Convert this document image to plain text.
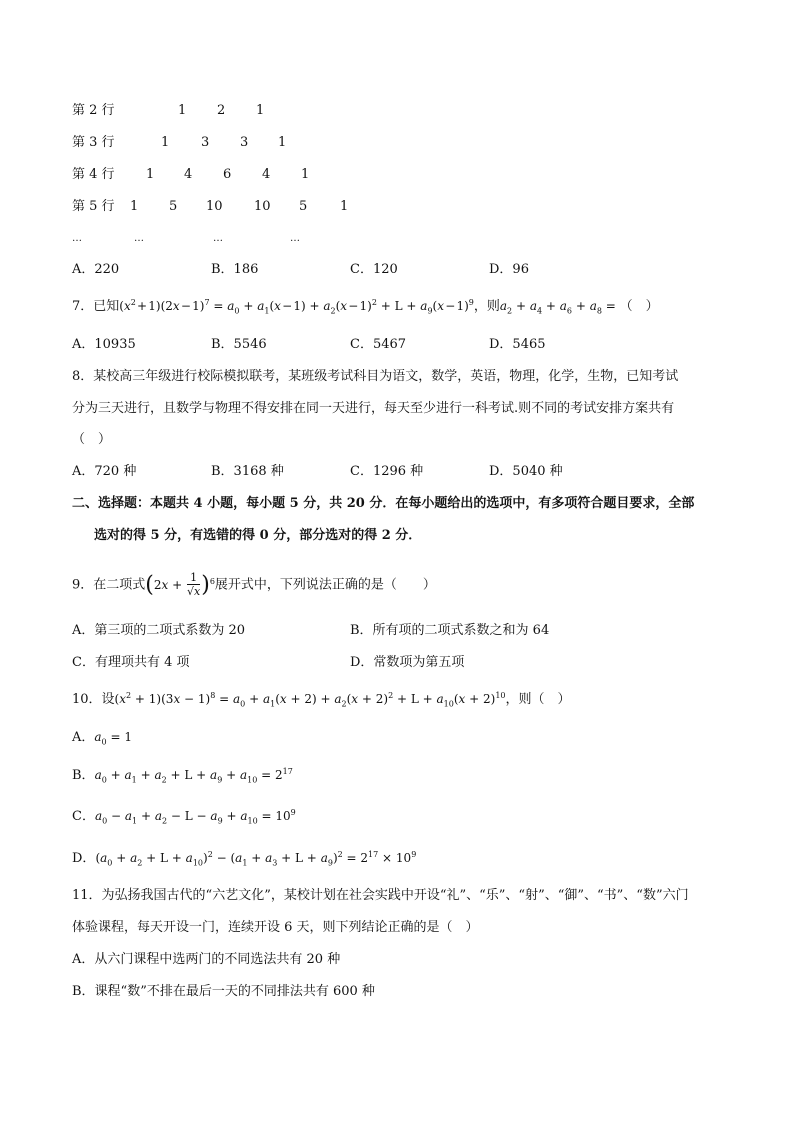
第 2 行	1 2 1
第 3 行	1 3 3 1
第 4 行	1 4 6 4 1
第 5 行	1 5 10 10 5	1
…	…	…	…
A．220	B．186	C．120	D．96
7．已知($x^2$ + 1)(2x − $1)^7 = a_0 + a_1(x$ − $1) + a_2(x$ − $1)^2 + L + a_9(x$ − 1)$^9$，则$a_2 + a_4 + a_6 + a_8$ = （　）
A．10935	B．5546	C．5467	D．5465
8．某校高三年级进行校际模拟联考，某班级考试科目为语文，数学，英语，物理，化学，生物，已知考试
分为三天进行，且数学与物理不得安排在同一天进行，每天至少进行一科考试.则不同的考试安排方案共有
（　）
A．720 种	B．3168 种	C．1296 种	D．5040 种
二、选择题：本题共 4 小题，每小题 5 分，共 20 分．在每小题给出的选项中，有多项符合题目要求，全部
选对的得 5 分，有选错的得 0 分，部分选对的得 2 分．
9．在二项式$(2x + \frac{1}{√x} )^6$展开式中，下列说法正确的是（　　）
A．第三项的二项式系数为 20	B．所有项的二项式系数之和为 64
C．有理项共有 4 项	D．常数项为第五项
10．设$(x^2 + 1)(3x - 1)^8 = a_0 + a_1(x + 2) + a_2(x + 2)^2 + L + a_{10}(x + 2)^{10}$，则（　）
A．$a_0 = 1$
B．$a_0 + a_1 + a_2 + L + a_9 + a_{10} = 2^{17}$
C．$a_0 - a_1 + a_2 - L - a_9 + a_{10} = 10^9$
D．$(a_0 + a_2 + L + a_{10})^2 - (a_1 + a_3 + L + a_9)^2 = 2^{17} \times 10^9$
11．为弘扬我国古代的“六艺文化”，某校计划在社会实践中开设“礼”、“乐”、“射”、“御”、“书”、“数”六门
体验课程，每天开设一门，连续开设 6 天，则下列结论正确的是（　）
A．从六门课程中选两门的不同选法共有 20 种
B．课程“数”不排在最后一天的不同排法共有 600 种
